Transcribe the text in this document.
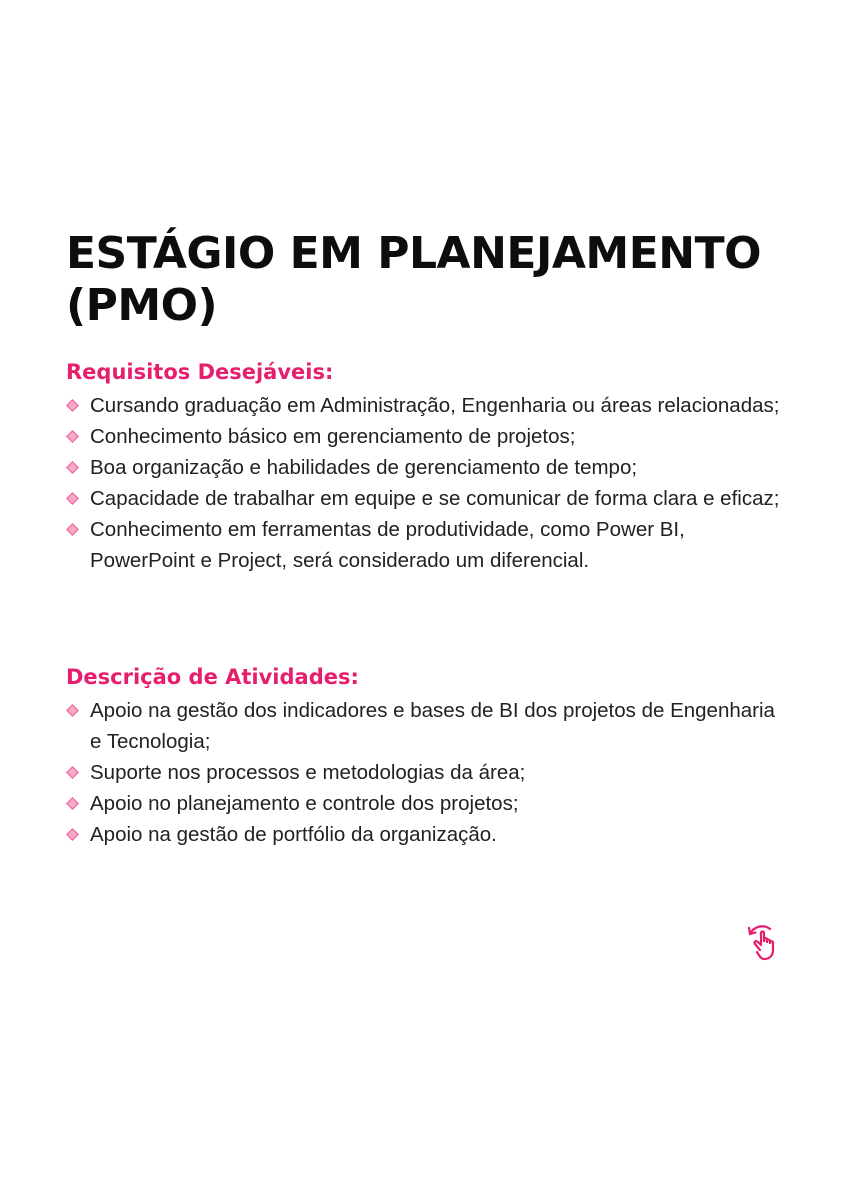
ESTÁGIO EM PLANEJAMENTO
(PMO)
Requisitos Desejáveis:
Cursando graduação em Administração, Engenharia ou áreas relacionadas;
Conhecimento básico em gerenciamento de projetos;
Boa organização e habilidades de gerenciamento de tempo;
Capacidade de trabalhar em equipe e se comunicar de forma clara e eficaz;
Conhecimento em ferramentas de produtividade, como Power BI, PowerPoint e Project, será considerado um diferencial.
Descrição de Atividades:
Apoio na gestão dos indicadores e bases de BI dos projetos de Engenharia e Tecnologia;
Suporte nos processos e metodologias da área;
Apoio no planejamento e controle dos projetos;
Apoio na gestão de portfólio da organização.
